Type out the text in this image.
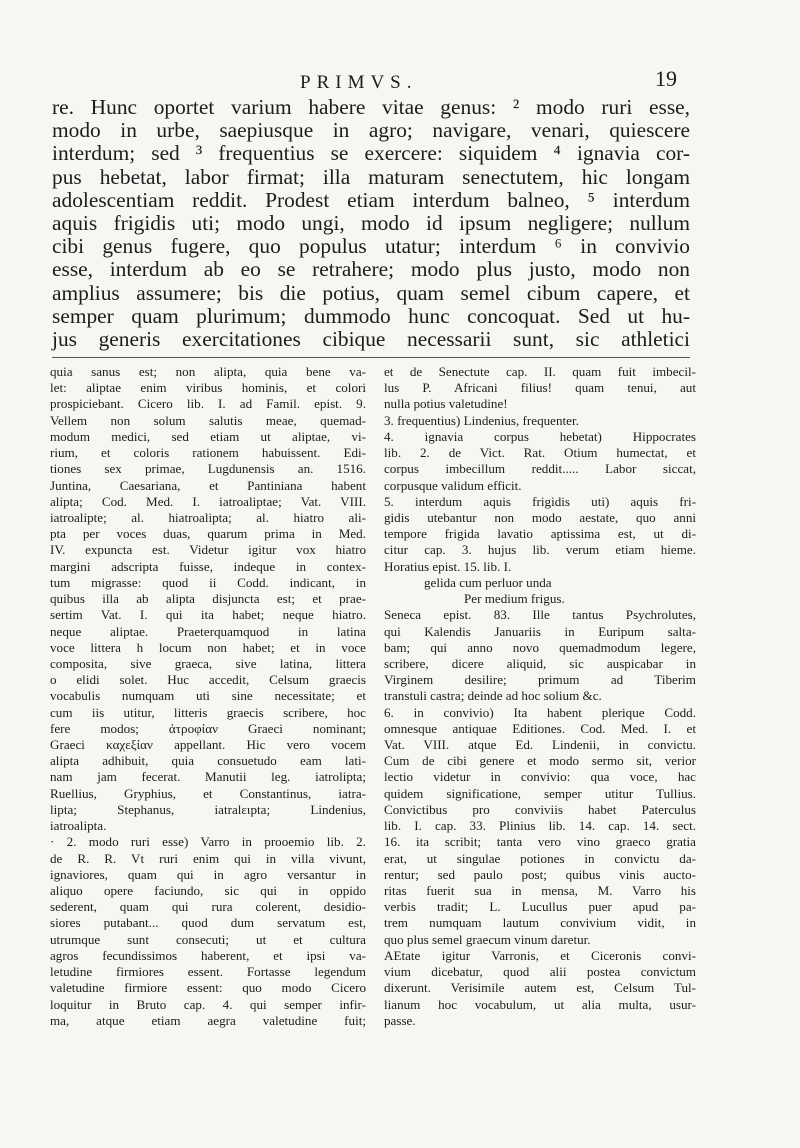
PRIMVS.	19
re. Hunc oportet varium habere vitae genus: ² modo ruri esse,
modo in urbe, saepiusque in agro; navigare, venari, quiescere
interdum; sed ³ frequentius se exercere: siquidem ⁴ ignavia cor-
pus hebetat, labor firmat; illa maturam senectutem, hic longam
adolescentiam reddit. Prodest etiam interdum balneo, ⁵ interdum
aquis frigidis uti; modo ungi, modo id ipsum negligere; nullum
cibi genus fugere, quo populus utatur; interdum ⁶ in convivio
esse, interdum ab eo se retrahere; modo plus justo, modo non
amplius assumere; bis die potius, quam semel cibum capere, et
semper quam plurimum; dummodo hunc concoquat. Sed ut hu-
jus generis exercitationes cibique necessarii sunt, sic athletici
quia sanus est; non alipta, quia bene va-
let: aliptae enim viribus hominis, et colori
prospiciebant. Cicero lib. I. ad Famil. epist. 9.
Vellem non solum salutis meae, quemad-
modum medici, sed etiam ut aliptae, vi-
rium, et coloris rationem habuissent. Edi-
tiones sex primae, Lugdunensis an. 1516.
Juntina, Caesariana, et Pantiniana habent
alipta; Cod. Med. I. iatroaliptae; Vat. VIII.
iatroalipte; al. hiatroalipta; al. hiatro ali-
pta per voces duas, quarum prima in Med.
IV. expuncta est. Videtur igitur vox hiatro
margini adscripta fuisse, indeque in contex-
tum migrasse: quod ii Codd. indicant, in
quibus illa ab alipta disjuncta est; et prae-
sertim Vat. I. qui ita habet; neque hiatro.
neque aliptae. Praeterquamquod in latina
voce littera h locum non habet; et in voce
composita, sive graeca, sive latina, littera
o elidi solet. Huc accedit, Celsum graecis
vocabulis numquam uti sine necessitate; et
cum iis utitur, litteris graecis scribere, hoc
fere modos; ἀτροφίαν Graeci nominant;
Graeci καχεξίαν appellant. Hic vero vocem
alipta adhibuit, quia consuetudo eam lati-
nam jam fecerat. Manutii leg. iatrolipta;
Ruellius, Gryphius, et Constantinus, iatra-
lipta; Stephanus, iatralειpta; Lindenius,
iatroalipta.
· 2. modo ruri esse) Varro in prooemio lib. 2.
de R. R. Vt ruri enim qui in villa vivunt,
ignaviores, quam qui in agro versantur in
aliquo opere faciundo, sic qui in oppido
sederent, quam qui rura colerent, desidio-
siores putabant... quod dum servatum est,
utrumque sunt consecuti; ut et cultura
agros fecundissimos haberent, et ipsi va-
letudine firmiores essent. Fortasse legendum
valetudine firmiore essent: quo modo Cicero
loquitur in Bruto cap. 4. qui semper infir-
ma, atque etiam aegra valetudine fuit;
et de Senectute cap. II. quam fuit imbecil-
lus P. Africani filius! quam tenui, aut
nulla potius valetudine!
3. frequentius) Lindenius, frequenter.
4. ignavia corpus hebetat) Hippocrates
lib. 2. de Vict. Rat. Otium humectat, et
corpus imbecillum reddit..... Labor siccat,
corpusque validum efficit.
5. interdum aquis frigidis uti) aquis fri-
gidis utebantur non modo aestate, quo anni
tempore frigida lavatio aptissima est, ut di-
citur cap. 3. hujus lib. verum etiam hieme.
Horatius epist. 15. lib. I.
gelida cum perluor unda
Per medium frigus.
Seneca epist. 83. Ille tantus Psychrolutes,
qui Kalendis Januariis in Euripum salta-
bam; qui anno novo quemadmodum legere,
scribere, dicere aliquid, sic auspicabar in
Virginem desilire; primum ad Tiberim
transtuli castra; deinde ad hoc solium &c.
6. in convivio) Ita habent plerique Codd.
omnesque antiquae Editiones. Cod. Med. I. et
Vat. VIII. atque Ed. Lindenii, in convictu.
Cum de cibi genere et modo sermo sit, verior
lectio videtur in convivio: qua voce, hac
quidem significatione, semper utitur Tullius.
Convictibus pro conviviis habet Paterculus
lib. I. cap. 33. Plinius lib. 14. cap. 14. sect.
16. ita scribit; tanta vero vino graeco gratia
erat, ut singulae potiones in convictu da-
rentur; sed paulo post; quibus vinis aucto-
ritas fuerit sua in mensa, M. Varro his
verbis tradit; L. Lucullus puer apud pa-
trem numquam lautum convivium vidit, in
quo plus semel graecum vinum daretur.
AEtate igitur Varronis, et Ciceronis convi-
vium dicebatur, quod alii postea convictum
dixerunt. Verisimile autem est, Celsum Tul-
lianum hoc vocabulum, ut alia multa, usur-
passe.
